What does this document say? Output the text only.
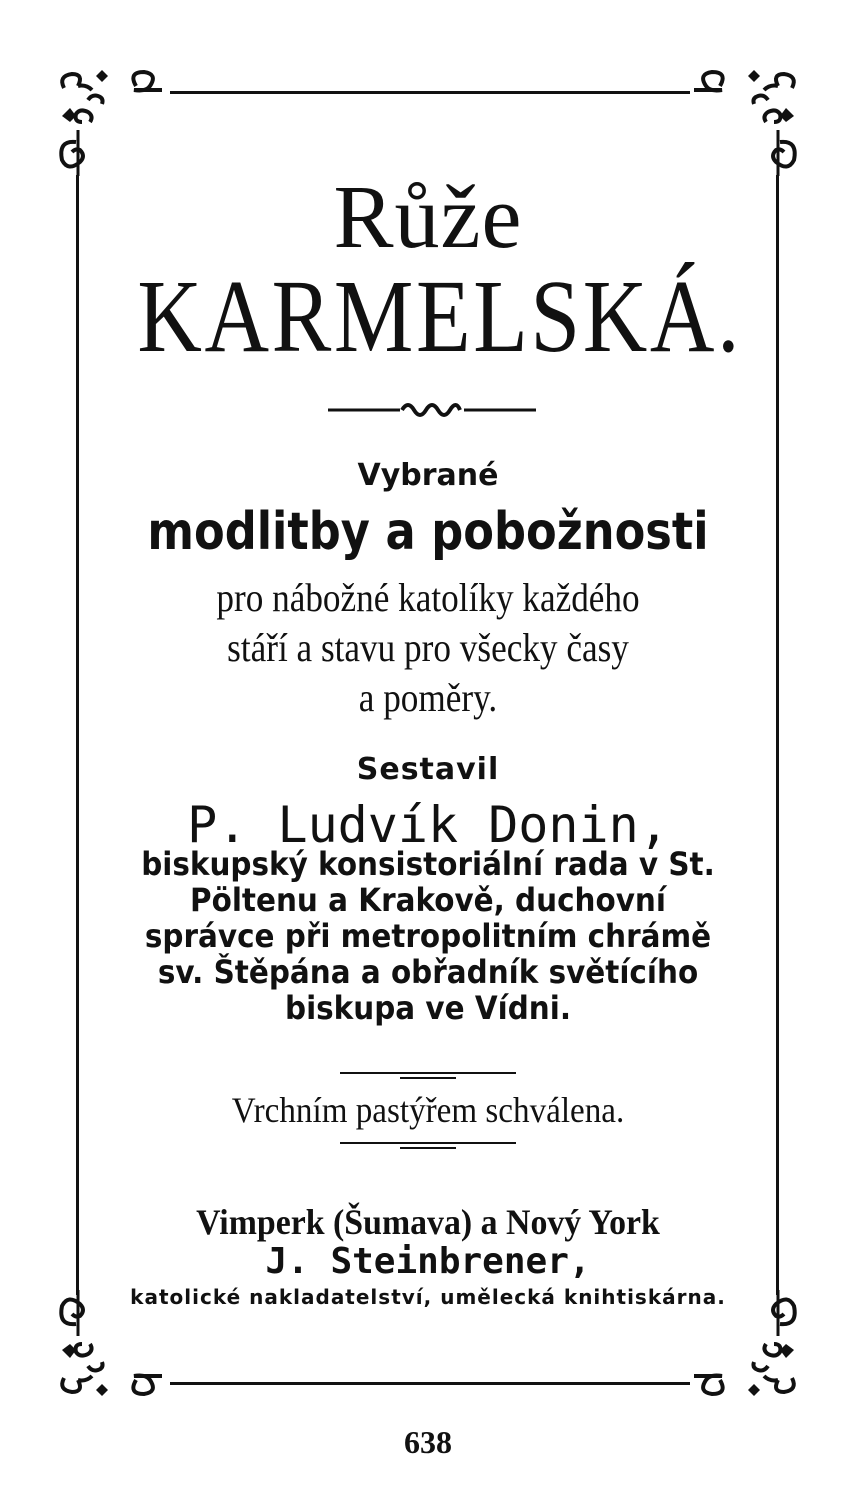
Růže
KARMELSKÁ.
Vybrané
modlitby a pobožnosti
pro nábožné katolíky každého
stáří a stavu pro všecky časy
a poměry.
Sestavil
P. Ludvík Donin,
biskupský konsistoriální rada v St.
Pöltenu a Krakově, duchovní
správce při metropolitním chrámě
sv. Štěpána a obřadník světícího
biskupa ve Vídni.
Vrchním pastýřem schválena.
Vimperk (Šumava) a Nový York
J. Steinbrener,
katolické nakladatelství, umělecká knihtiskárna.
638
